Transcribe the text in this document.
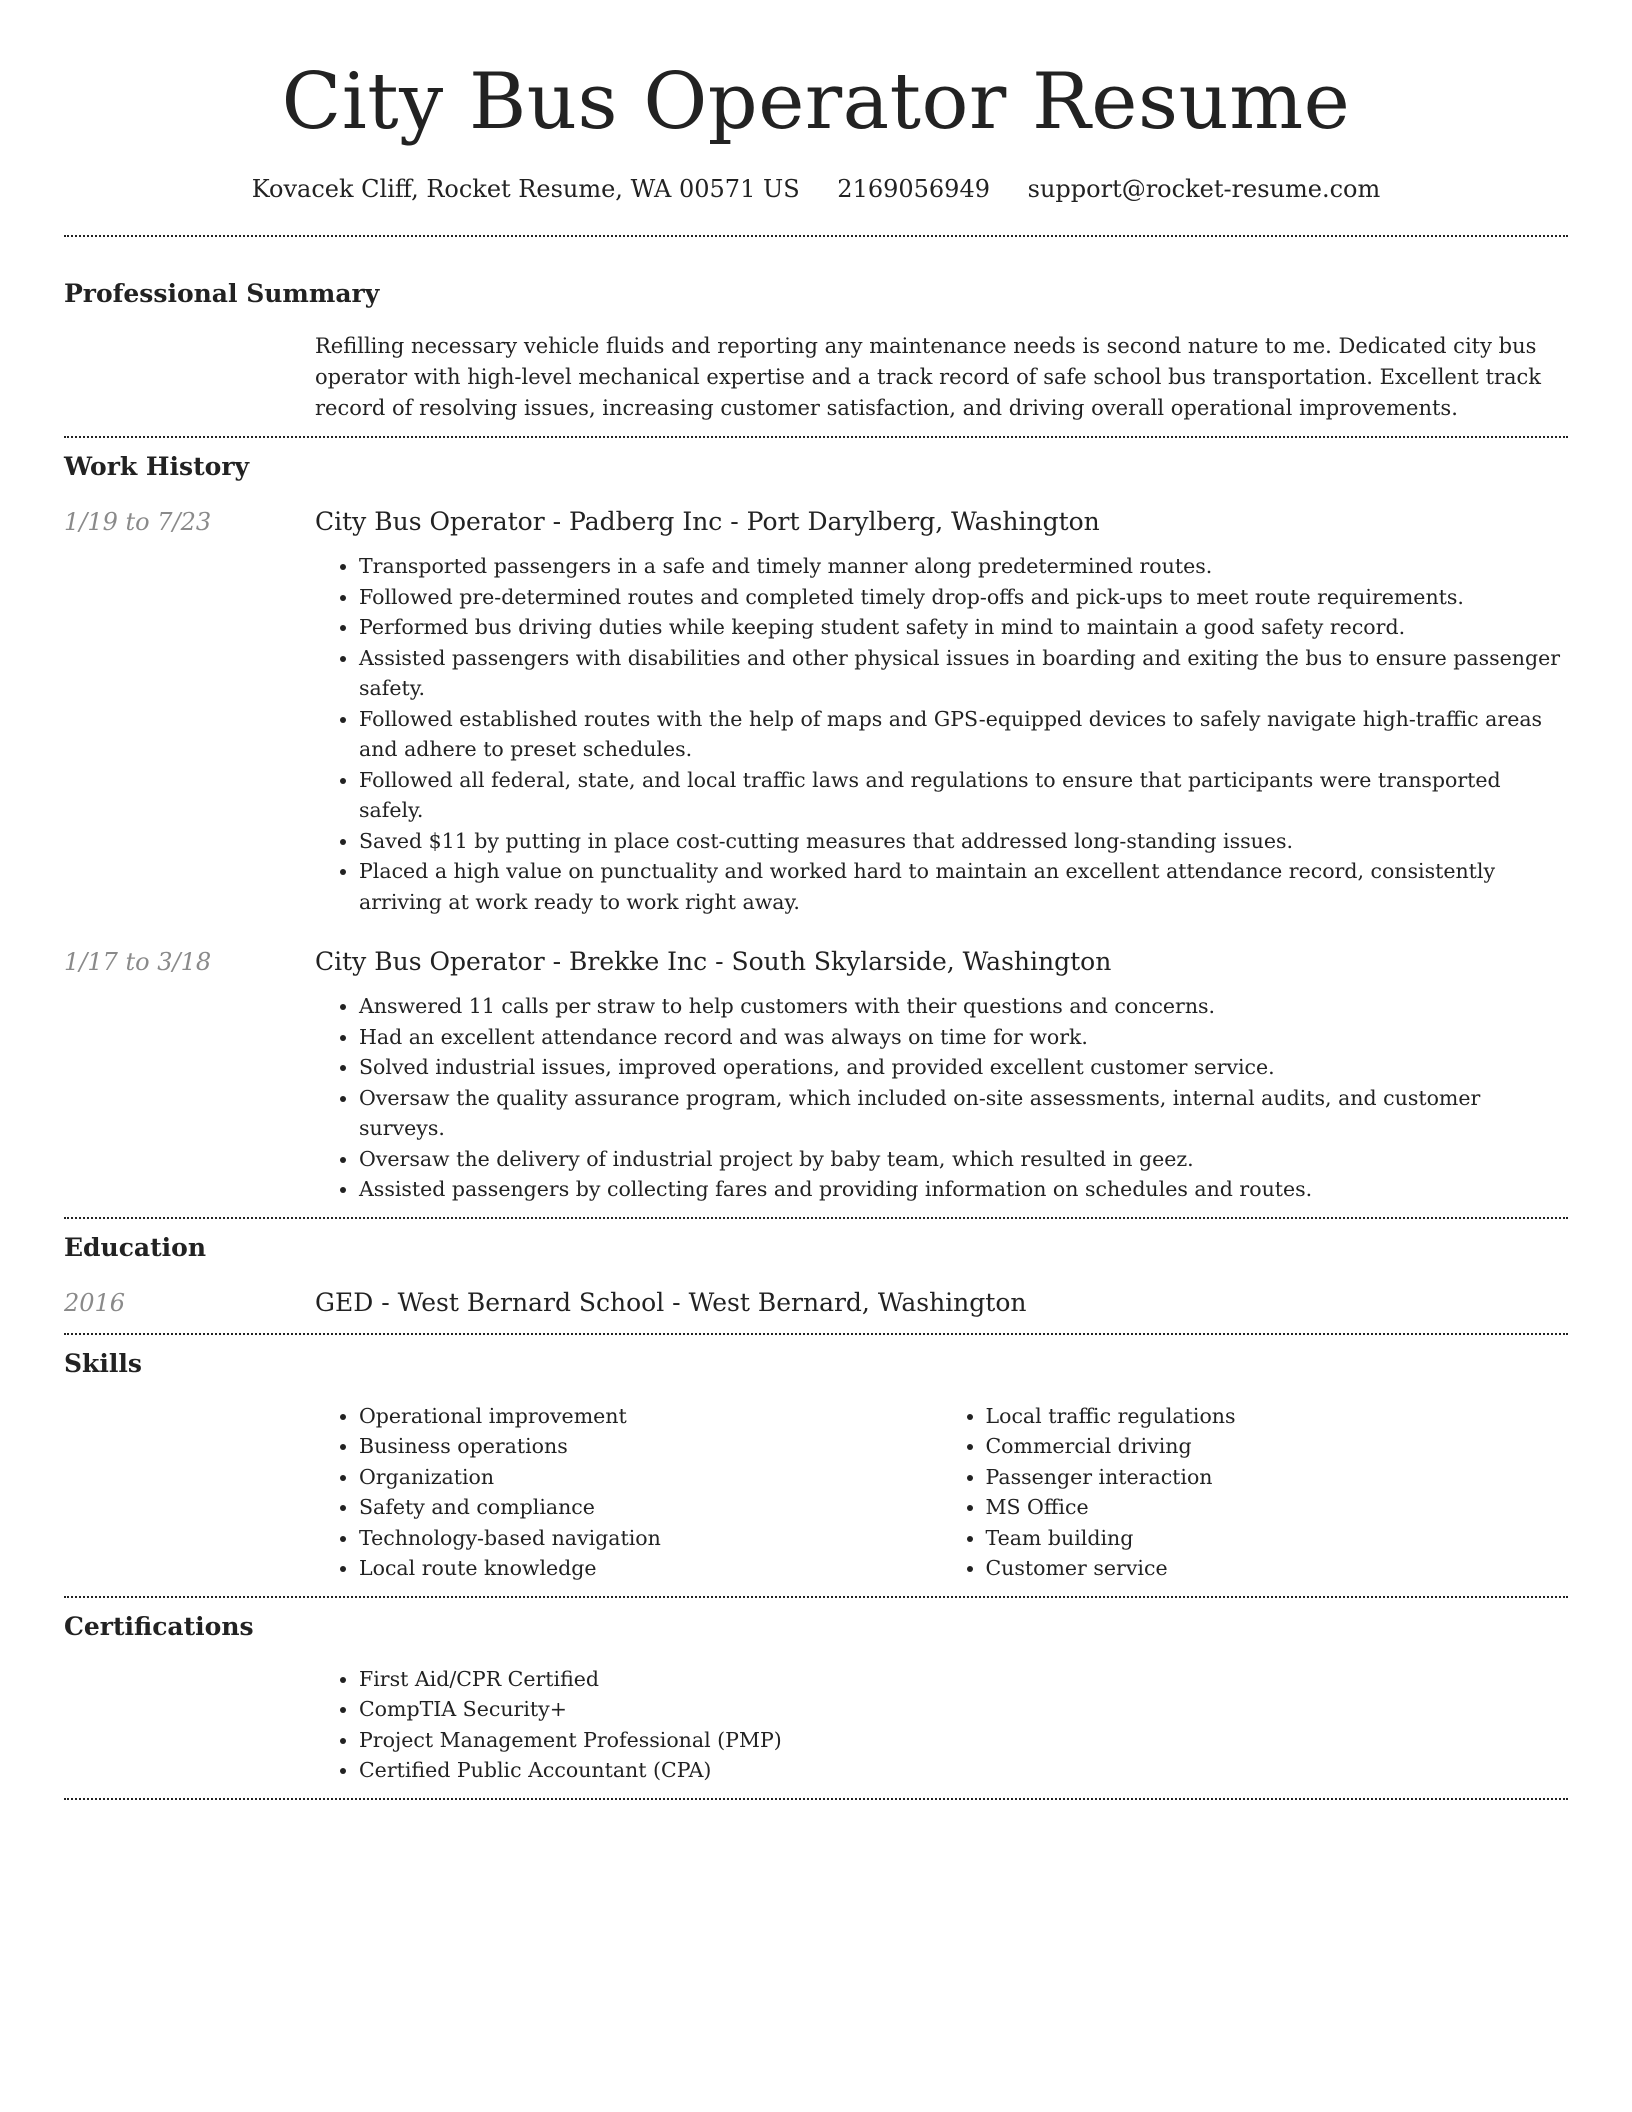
City Bus Operator Resume
Kovacek Cliff, Rocket Resume, WA 00571 US 2169056949 support@rocket-resume.com
Professional Summary

Refilling necessary vehicle fluids and reporting any maintenance needs is second nature to me. Dedicated city bus operator with high-level mechanical expertise and a track record of safe school bus transportation. Excellent track record of resolving issues, increasing customer satisfaction, and driving overall operational improvements.

Work History
1/19 to 7/23	City Bus Operator - Padberg Inc - Port Darylberg, Washington
• Transported passengers in a safe and timely manner along predetermined routes.
• Followed pre-determined routes and completed timely drop-offs and pick-ups to meet route requirements.
• Performed bus driving duties while keeping student safety in mind to maintain a good safety record.
• Assisted passengers with disabilities and other physical issues in boarding and exiting the bus to ensure passenger safety.
• Followed established routes with the help of maps and GPS-equipped devices to safely navigate high-traffic areas and adhere to preset schedules.
• Followed all federal, state, and local traffic laws and regulations to ensure that participants were transported safely.
• Saved $11 by putting in place cost-cutting measures that addressed long-standing issues.
• Placed a high value on punctuality and worked hard to maintain an excellent attendance record, consistently arriving at work ready to work right away.
1/17 to 3/18	City Bus Operator - Brekke Inc - South Skylarside, Washington
• Answered 11 calls per straw to help customers with their questions and concerns.
• Had an excellent attendance record and was always on time for work.
• Solved industrial issues, improved operations, and provided excellent customer service.
• Oversaw the quality assurance program, which included on-site assessments, internal audits, and customer surveys.
• Oversaw the delivery of industrial project by baby team, which resulted in geez.
• Assisted passengers by collecting fares and providing information on schedules and routes.
Education
2016	GED - West Bernard School - West Bernard, Washington
Skills
• Operational improvement
• Business operations
• Organization
• Safety and compliance
• Technology-based navigation
• Local route knowledge
• Local traffic regulations
• Commercial driving
• Passenger interaction
• MS Office
• Team building
• Customer service
Certifications
• First Aid/CPR Certified
• CompTIA Security+
• Project Management Professional (PMP)
• Certified Public Accountant (CPA)
